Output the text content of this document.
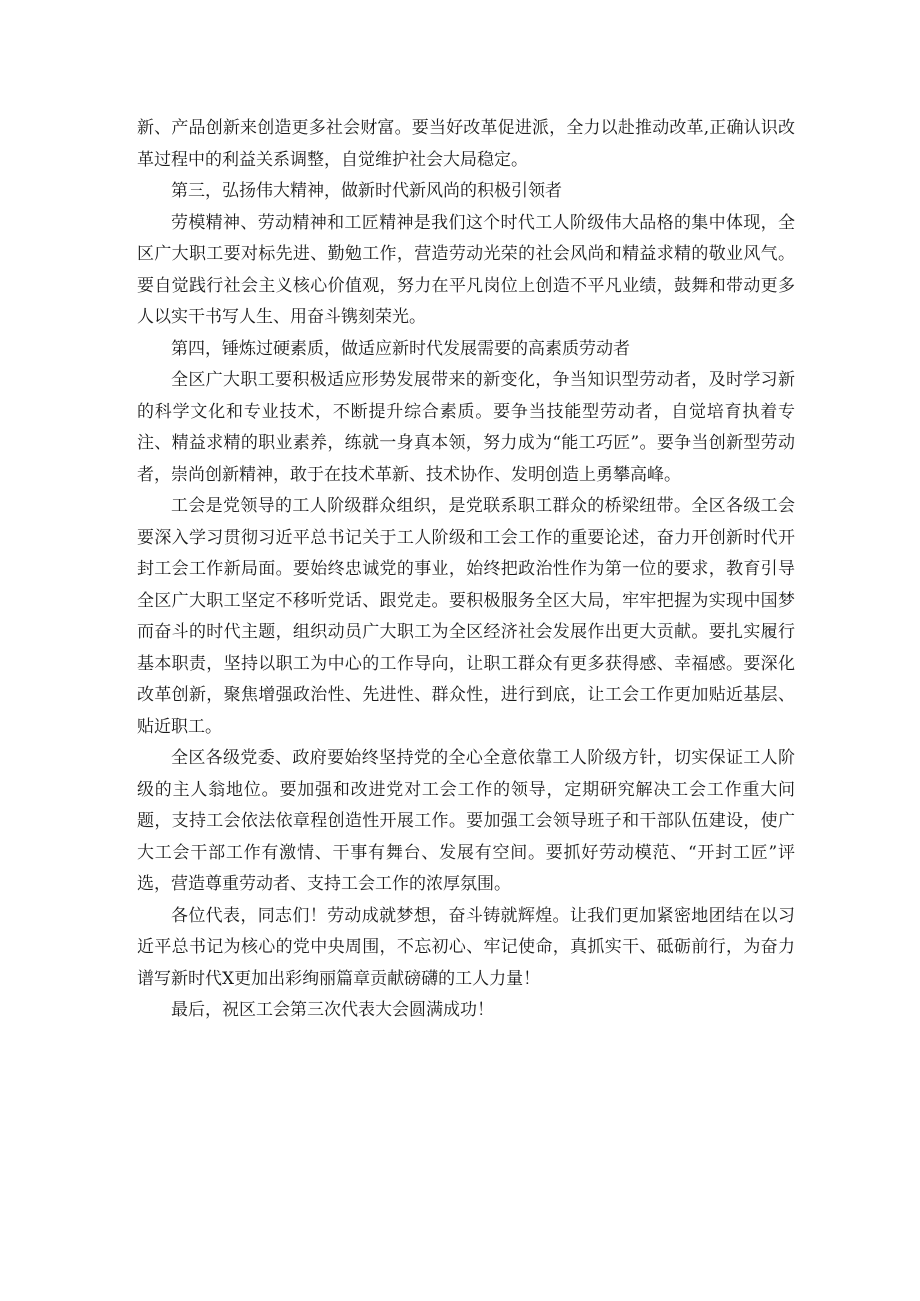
新、产品创新来创造更多社会财富。要当好改革促进派，全力以赴推动改革,正确认识改革过程中的利益关系调整，自觉维护社会大局稳定。

第三，弘扬伟大精神，做新时代新风尚的积极引领者

劳模精神、劳动精神和工匠精神是我们这个时代工人阶级伟大品格的集中体现，全区广大职工要对标先进、勤勉工作，营造劳动光荣的社会风尚和精益求精的敬业风气。要自觉践行社会主义核心价值观，努力在平凡岗位上创造不平凡业绩，鼓舞和带动更多人以实干书写人生、用奋斗镌刻荣光。

第四，锤炼过硬素质，做适应新时代发展需要的高素质劳动者

全区广大职工要积极适应形势发展带来的新变化，争当知识型劳动者，及时学习新的科学文化和专业技术，不断提升综合素质。要争当技能型劳动者，自觉培育执着专注、精益求精的职业素养，练就一身真本领，努力成为“能工巧匠”。要争当创新型劳动者，崇尚创新精神，敢于在技术革新、技术协作、发明创造上勇攀高峰。

工会是党领导的工人阶级群众组织，是党联系职工群众的桥梁纽带。全区各级工会要深入学习贯彻习近平总书记关于工人阶级和工会工作的重要论述，奋力开创新时代开封工会工作新局面。要始终忠诚党的事业，始终把政治性作为第一位的要求，教育引导全区广大职工坚定不移听党话、跟党走。要积极服务全区大局，牢牢把握为实现中国梦而奋斗的时代主题，组织动员广大职工为全区经济社会发展作出更大贡献。要扎实履行基本职责，坚持以职工为中心的工作导向，让职工群众有更多获得感、幸福感。要深化改革创新，聚焦增强政治性、先进性、群众性，进行到底，让工会工作更加贴近基层、贴近职工。

全区各级党委、政府要始终坚持党的全心全意依靠工人阶级方针，切实保证工人阶级的主人翁地位。要加强和改进党对工会工作的领导，定期研究解决工会工作重大问题，支持工会依法依章程创造性开展工作。要加强工会领导班子和干部队伍建设，使广大工会干部工作有激情、干事有舞台、发展有空间。要抓好劳动模范、“开封工匠”评选，营造尊重劳动者、支持工会工作的浓厚氛围。

各位代表，同志们！劳动成就梦想，奋斗铸就辉煌。让我们更加紧密地团结在以习近平总书记为核心的党中央周围，不忘初心、牢记使命，真抓实干、砥砺前行，为奋力谱写新时代X更加出彩绚丽篇章贡献磅礴的工人力量！

最后，祝区工会第三次代表大会圆满成功！
